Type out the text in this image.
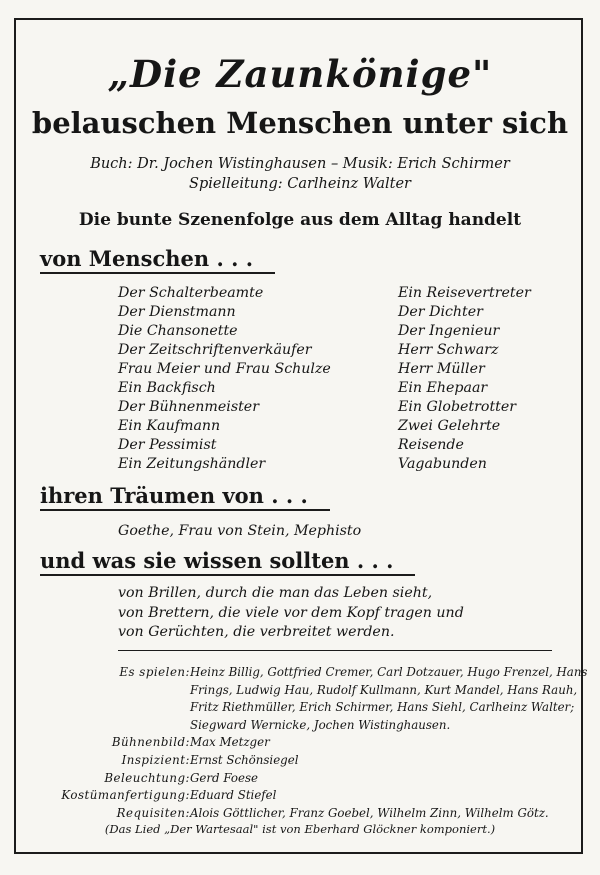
„Die Zaunkönige"
belauschen Menschen unter sich
Buch: Dr. Jochen Wistinghausen – Musik: Erich Schirmer
Spielleitung: Carlheinz Walter
Die bunte Szenenfolge aus dem Alltag handelt
von Menschen . . .
Der Schalterbeamte
Der Dienstmann
Die Chansonette
Der Zeitschriftenverkäufer
Frau Meier und Frau Schulze
Ein Backfisch
Der Bühnenmeister
Ein Kaufmann
Der Pessimist
Ein Zeitungshändler
Ein Reisevertreter
Der Dichter
Der Ingenieur
Herr Schwarz
Herr Müller
Ein Ehepaar
Ein Globetrotter
Zwei Gelehrte
Reisende
Vagabunden
ihren Träumen von . . .
Goethe, Frau von Stein, Mephisto
und was sie wissen sollten . . .
von Brillen, durch die man das Leben sieht,
von Brettern, die viele vor dem Kopf tragen und
von Gerüchten, die verbreitet werden.
Es spielen: Heinz Billig, Gottfried Cremer, Carl Dotzauer, Hugo Frenzel, Hans
Frings, Ludwig Hau, Rudolf Kullmann, Kurt Mandel, Hans Rauh,
Fritz Riethmüller, Erich Schirmer, Hans Siehl, Carlheinz Walter;
Siegward Wernicke, Jochen Wistinghausen.
Bühnenbild: Max Metzger
Inspizient: Ernst Schönsiegel
Beleuchtung: Gerd Foese
Kostümanfertigung: Eduard Stiefel
Requisiten: Alois Göttlicher, Franz Goebel, Wilhelm Zinn, Wilhelm Götz.
(Das Lied „Der Wartesaal" ist von Eberhard Glöckner komponiert.)
